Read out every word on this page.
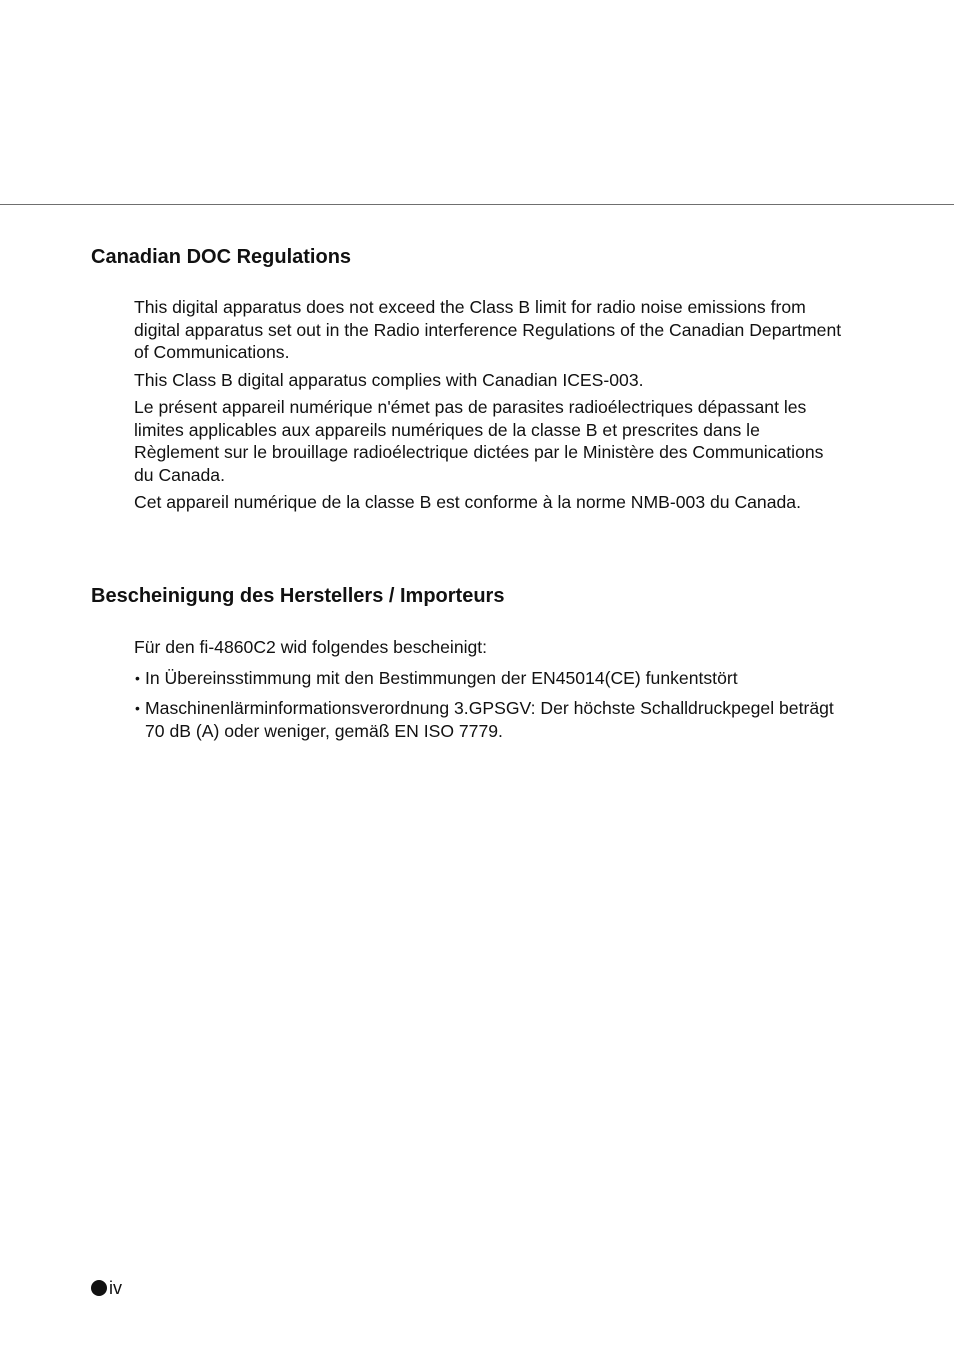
Canadian DOC Regulations

This digital apparatus does not exceed the Class B limit for radio noise emissions from digital apparatus set out in the Radio interference Regulations of the Canadian Department of Communications.

This Class B digital apparatus complies with Canadian ICES-003.

Le présent appareil numérique n'émet pas de parasites radioélectriques dépassant les limites applicables aux appareils numériques de la classe B et prescrites dans le Règlement sur le brouillage radioélectrique dictées par le Ministère des Communications du Canada.

Cet appareil numérique de la classe B est conforme à la norme NMB-003 du Canada.

Bescheinigung des Herstellers / Importeurs

Für den fi-4860C2 wid folgendes bescheinigt:

• In Übereinsstimmung mit den Bestimmungen der EN45014(CE) funkentstört
• Maschinenlärminformationsverordnung 3.GPSGV: Der höchste Schalldruckpegel beträgt 70 dB (A) oder weniger, gemäß EN ISO 7779.
iv
